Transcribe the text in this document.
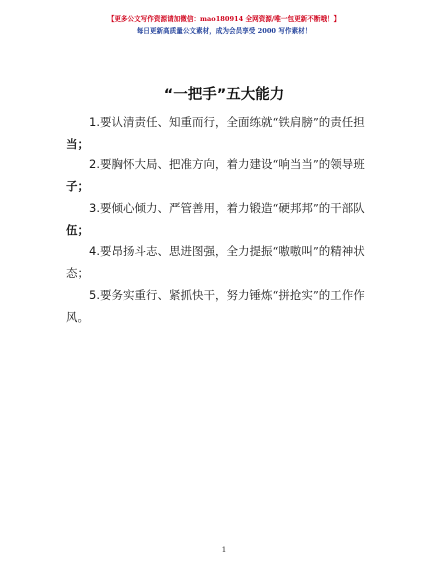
【更多公文写作资源请加微信：mao180914 全网资源/唯一包更新不断哦！】
每日更新高质量公文素材，成为会员享受 2000 写作素材！
“一把手”五大能力
1.要认清责任、知重而行，全面练就“铁肩膀”的责任担
当；
2.要胸怀大局、把准方向，着力建设“响当当”的领导班
子；
3.要倾心倾力、严管善用，着力锻造“硬邦邦”的干部队
伍；
4.要昂扬斗志、思进图强，全力提振“嗷嗷叫”的精神状
态；
5.要务实重行、紧抓快干，努力锤炼“拼抢实”的工作作
风。
1
